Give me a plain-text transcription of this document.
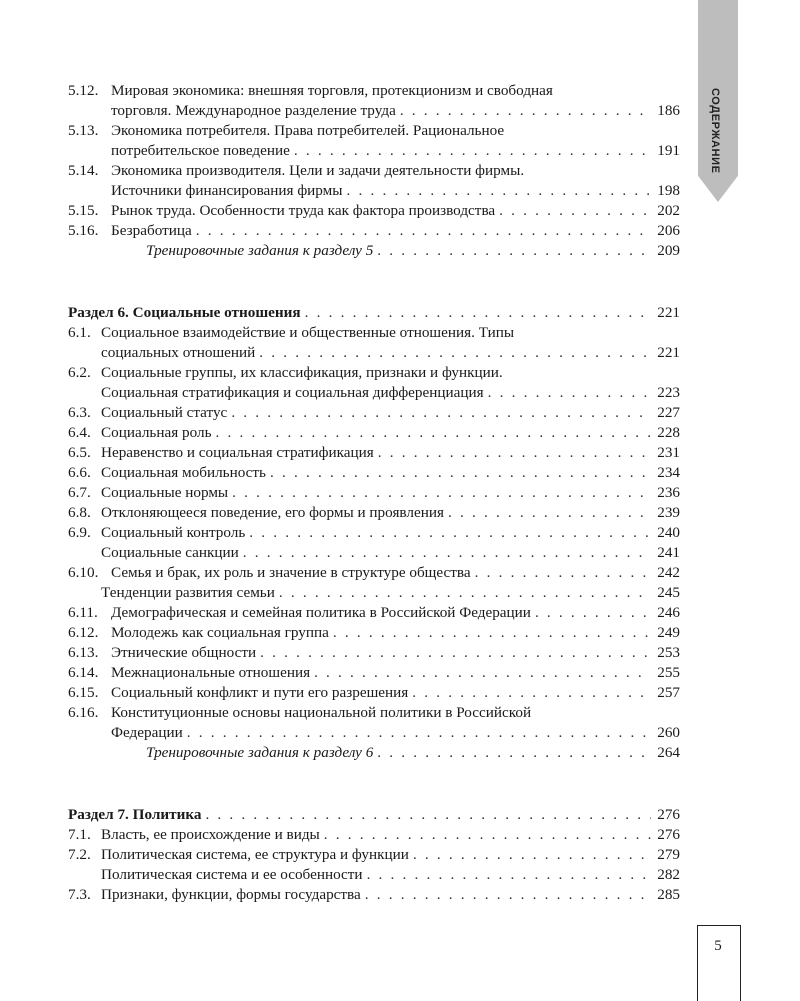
СОДЕРЖАНИЕ
5.12. Мировая экономика: внешняя торговля, протекционизм и свободная
торговля. Международное разделение труда . . .	186
5.13. Экономика потребителя. Права потребителей. Рациональное
потребительское поведение . . .	191
5.14. Экономика производителя. Цели и задачи деятельности фирмы.
Источники финансирования фирмы . . .	198
5.15. Рынок труда. Особенности труда как фактора производства . . .	202
5.16. Безработица . . .	206
Тренировочные задания к разделу 5 . . .	209
Раздел 6. Социальные отношения . . .	221
6.1. Социальное взаимодействие и общественные отношения. Типы
социальных отношений . . .	221
6.2. Социальные группы, их классификация, признаки и функции.
Социальная стратификация и социальная дифференциация . . .	223
6.3. Социальный статус . . .	227
6.4. Социальная роль . . .	228
6.5. Неравенство и социальная стратификация . . .	231
6.6. Социальная мобильность . . .	234
6.7. Социальные нормы . . .	236
6.8. Отклоняющееся поведение, его формы и проявления . . .	239
6.9. Социальный контроль . . .	240
Социальные санкции . . .	241
6.10. Семья и брак, их роль и значение в структуре общества . . .	242
Тенденции развития семьи . . .	245
6.11. Демографическая и семейная политика в Российской Федерации . . .	246
6.12. Молодежь как социальная группа . . .	249
6.13. Этнические общности . . .	253
6.14. Межнациональные отношения . . .	255
6.15. Социальный конфликт и пути его разрешения . . .	257
6.16. Конституционные основы национальной политики в Российской
Федерации . . .	260
Тренировочные задания к разделу 6 . . .	264
Раздел 7. Политика . . .	276
7.1. Власть, ее происхождение и виды . . .	276
7.2. Политическая система, ее структура и функции . . .	279
Политическая система и ее особенности . . .	282
7.3. Признаки, функции, формы государства . . .	285
5
